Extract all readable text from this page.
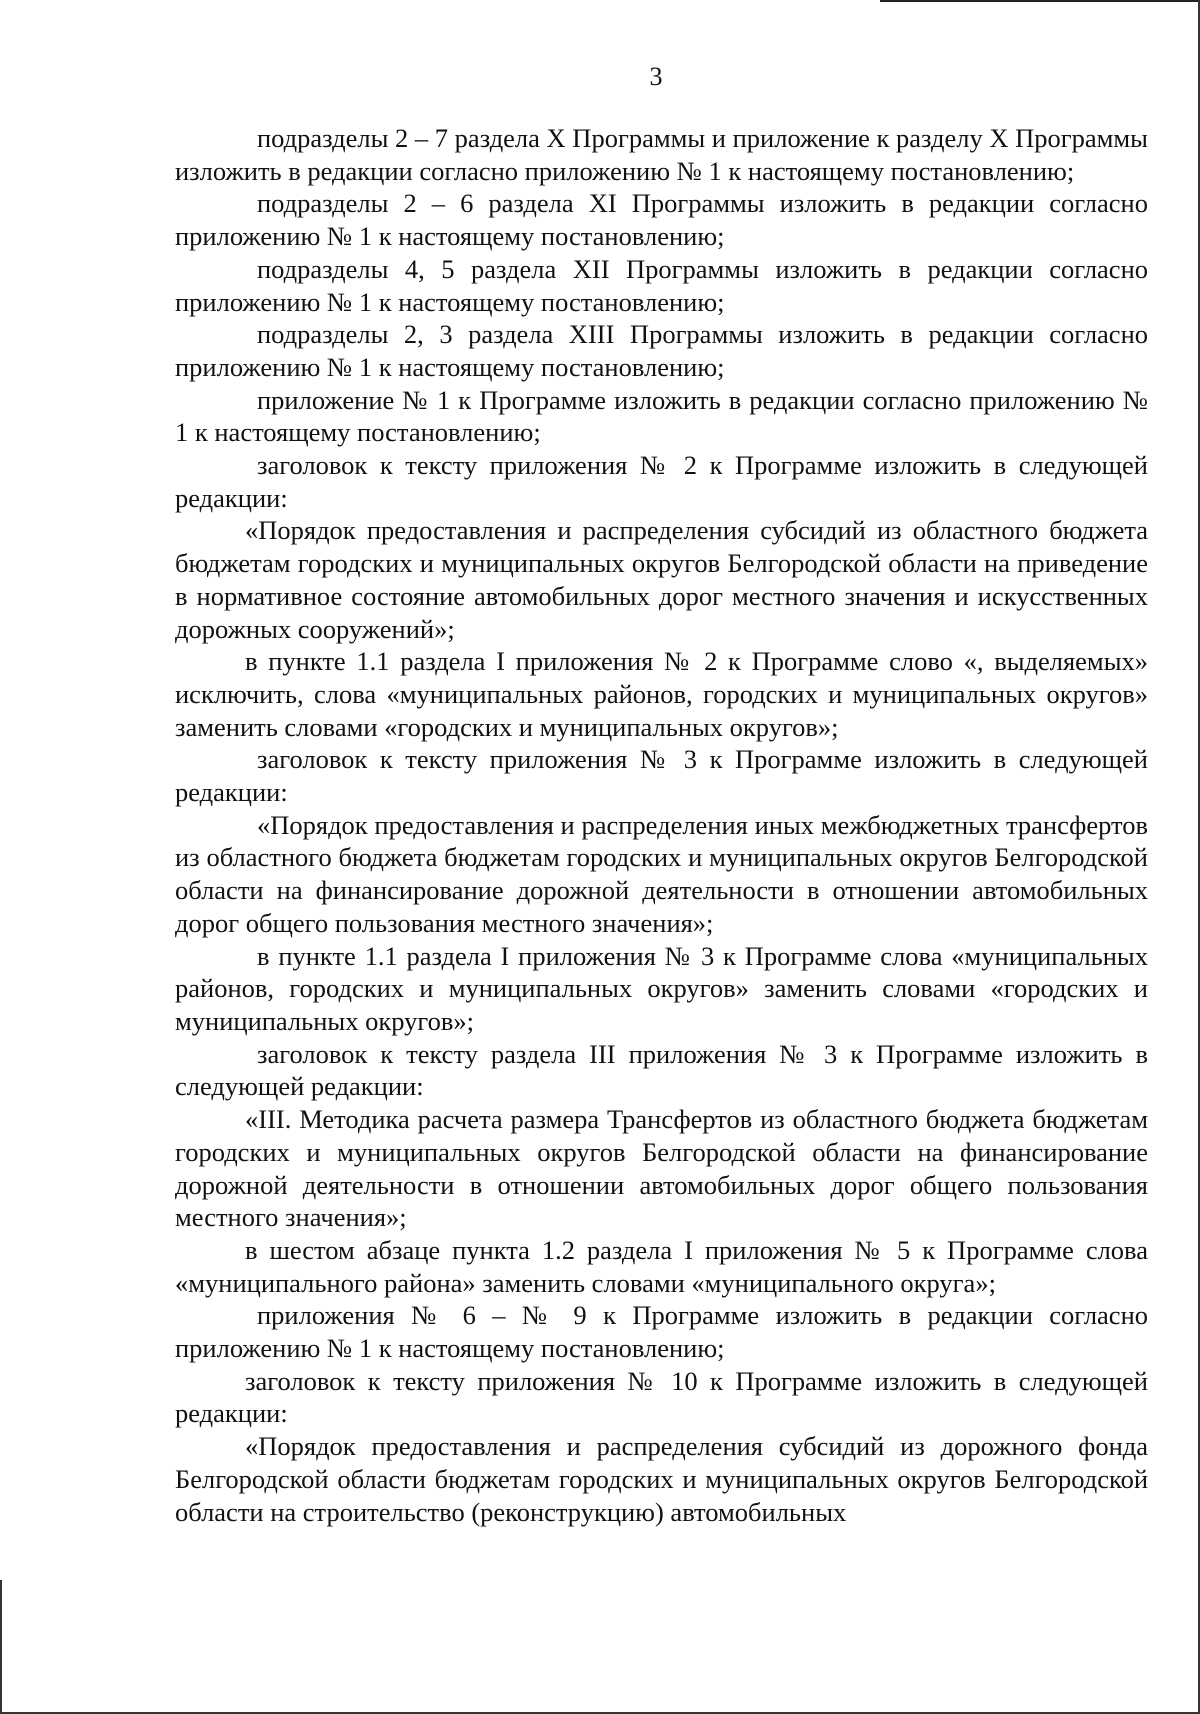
3

подразделы 2 – 7 раздела X Программы и приложение к разделу X Программы изложить в редакции согласно приложению № 1 к настоящему постановлению;

подразделы 2 – 6 раздела XI Программы изложить в редакции согласно приложению № 1 к настоящему постановлению;

подразделы 4, 5 раздела XII Программы изложить в редакции согласно приложению № 1 к настоящему постановлению;

подразделы 2, 3 раздела XIII Программы изложить в редакции согласно приложению № 1 к настоящему постановлению;

приложение № 1 к Программе изложить в редакции согласно приложению № 1 к настоящему постановлению;

заголовок к тексту приложения № 2 к Программе изложить в следующей редакции:

«Порядок предоставления и распределения субсидий из областного бюджета бюджетам городских и муниципальных округов Белгородской области на приведение в нормативное состояние автомобильных дорог местного значения и искусственных дорожных сооружений»;

в пункте 1.1 раздела I приложения № 2 к Программе слово «, выделяемых» исключить, слова «муниципальных районов, городских и муниципальных округов» заменить словами «городских и муниципальных округов»;

заголовок к тексту приложения № 3 к Программе изложить в следующей редакции:

«Порядок предоставления и распределения иных межбюджетных трансфертов из областного бюджета бюджетам городских и муниципальных округов Белгородской области на финансирование дорожной деятельности в отношении автомобильных дорог общего пользования местного значения»;

в пункте 1.1 раздела I приложения № 3 к Программе слова «муниципальных районов, городских и муниципальных округов» заменить словами «городских и муниципальных округов»;

заголовок к тексту раздела III приложения № 3 к Программе изложить в следующей редакции:

«III. Методика расчета размера Трансфертов из областного бюджета бюджетам городских и муниципальных округов Белгородской области на финансирование дорожной деятельности в отношении автомобильных дорог общего пользования местного значения»;

в шестом абзаце пункта 1.2 раздела I приложения № 5 к Программе слова «муниципального района» заменить словами «муниципального округа»;

приложения № 6 – № 9 к Программе изложить в редакции согласно приложению № 1 к настоящему постановлению;

заголовок к тексту приложения № 10 к Программе изложить в следующей редакции:

«Порядок предоставления и распределения субсидий из дорожного фонда Белгородской области бюджетам городских и муниципальных округов Белгородской области на строительство (реконструкцию) автомобильных
